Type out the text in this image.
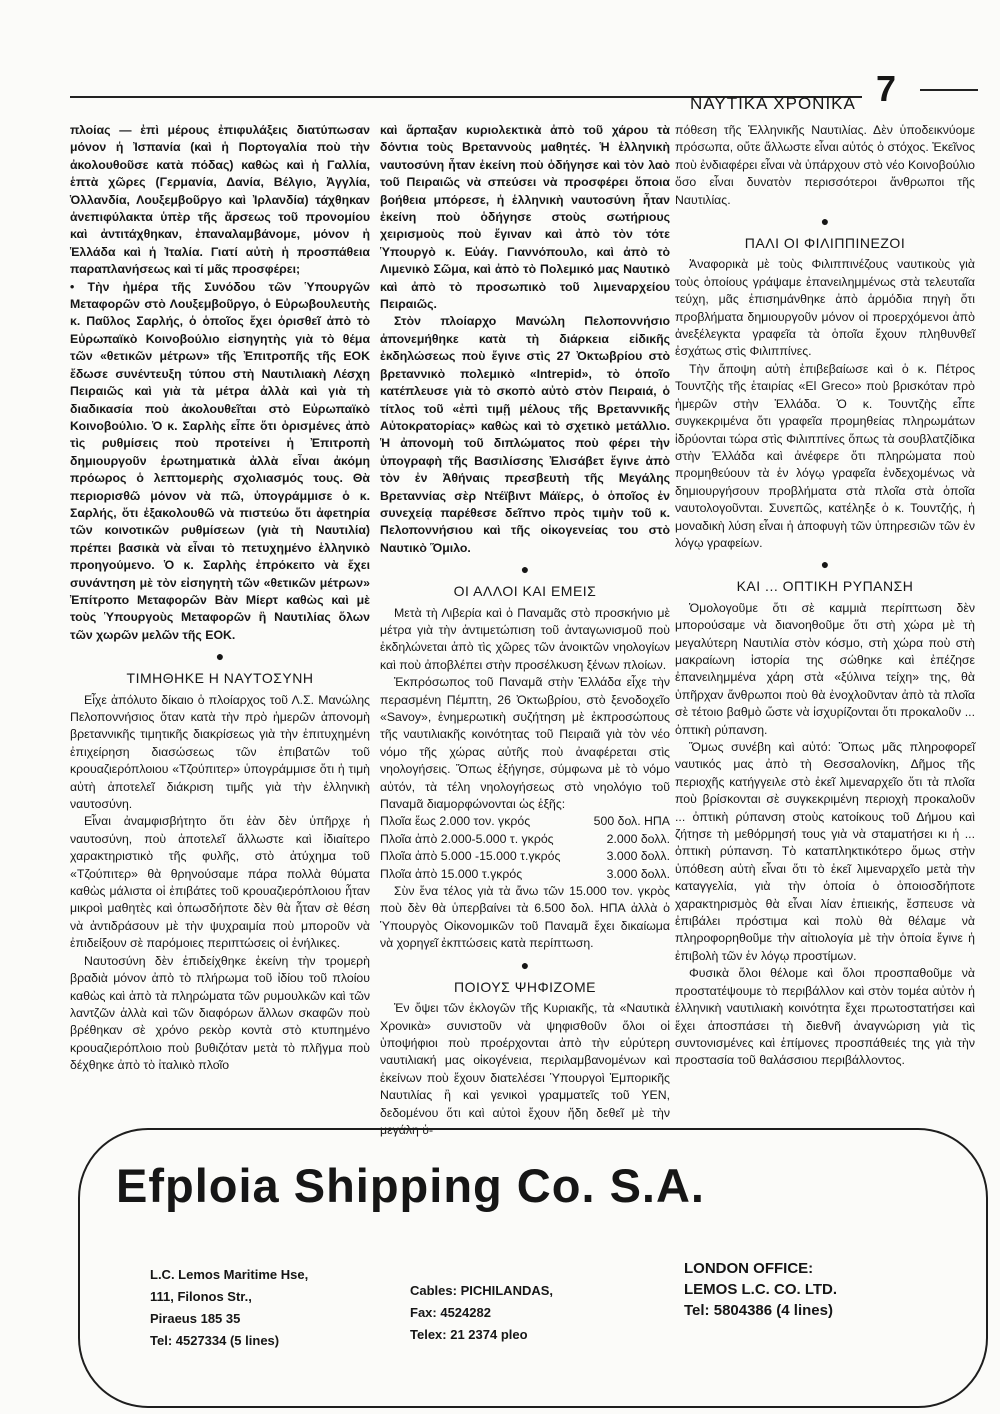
7
ΝΑΥΤΙΚΑ ΧΡΟΝΙΚΑ

πλοίας — ἐπὶ μέρους ἐπιφυλάξεις διατύπωσαν μόνον ἡ Ἰσπανία (καὶ ἡ Πορτογαλία ποὺ τὴν ἀκολουθοῦσε κατὰ πόδας) καθὼς καὶ ἡ Γαλλία, ἑπτὰ χῶρες (Γερμανία, Δανία, Βέλγιο, Ἀγγλία, Ὁλλανδία, Λουξεμβοῦργο καὶ Ἰρλανδία) τάχθηκαν ἀνεπιφύλακτα ὑπὲρ τῆς ἄρσεως τοῦ προνομίου καὶ ἀντιτάχθηκαν, ἐπαναλαμβάνομε, μόνον ἡ Ἑλλάδα καὶ ἡ Ἰταλία. Γιατί αὐτὴ ἡ προσπάθεια παραπλανήσεως καὶ τί μᾶς προσφέρει;

• Τὴν ἡμέρα τῆς Συνόδου τῶν Ὑπουργῶν Μεταφορῶν στὸ Λουξεμβοῦργο, ὁ Εὐρωβουλευτὴς κ. Παῦλος Σαρλής, ὁ ὁποῖος ἔχει ὁρισθεῖ ἀπὸ τὸ Εὐρωπαϊκὸ Κοινοβούλιο εἰσηγητὴς γιὰ τὸ θέμα τῶν «θετικῶν μέτρων» τῆς Ἐπιτροπῆς τῆς ΕΟΚ ἔδωσε συνέντευξη τύπου στὴ Ναυτιλιακὴ Λέσχη Πειραιῶς καὶ γιὰ τὰ μέτρα ἀλλὰ καὶ γιὰ τὴ διαδικασία ποὺ ἀκολουθεῖται στὸ Εὐρωπαϊκὸ Κοινοβούλιο. Ὁ κ. Σαρλὴς εἶπε ὅτι ὁρισμένες ἀπὸ τὶς ρυθμίσεις ποὺ προτείνει ἡ Ἐπιτροπὴ δημιουργοῦν ἐρωτηματικὰ ἀλλὰ εἶναι ἀκόμη πρόωρος ὁ λεπτομερὴς σχολιασμός τους. Θὰ περιορισθῶ μόνον νὰ πῶ, ὑπογράμμισε ὁ κ. Σαρλής, ὅτι ἐξακολουθῶ νὰ πιστεύω ὅτι ἀφετηρία τῶν κοινοτικῶν ρυθμίσεων (γιὰ τὴ Ναυτιλία) πρέπει βασικὰ νὰ εἶναι τὸ πετυχημένο ἑλληνικὸ προηγούμενο. Ὁ κ. Σαρλὴς ἐπρόκειτο νὰ ἔχει συνάντηση μὲ τὸν εἰσηγητὴ τῶν «θετικῶν μέτρων» Ἐπίτροπο Μεταφορῶν Βὰν Μίερτ καθὼς καὶ μὲ τοὺς Ὑπουργοὺς Μεταφορῶν ἢ Ναυτιλίας ὅλων τῶν χωρῶν μελῶν τῆς ΕΟΚ.

●
ΤΙΜΗΘΗΚΕ Η ΝΑΥΤΟΣΥΝΗ

Εἶχε ἀπόλυτο δίκαιο ὁ πλοίαρχος τοῦ Λ.Σ. Μανώλης Πελοποννήσιος ὅταν κατὰ τὴν πρὸ ἡμερῶν ἀπονομὴ βρεταννικῆς τιμητικῆς διακρίσεως γιὰ τὴν ἐπιτυχημένη ἐπιχείρηση διασώσεως τῶν ἐπιβατῶν τοῦ κρουαζιερόπλοιου «Τζούπιτερ» ὑπογράμμισε ὅτι ἡ τιμὴ αὐτὴ ἀποτελεῖ διάκριση τιμῆς γιὰ τὴν ἑλληνικὴ ναυτοσύνη.

Εἶναι ἀναμφισβήτητο ὅτι ἐὰν δὲν ὑπῆρχε ἡ ναυτοσύνη, ποὺ ἀποτελεῖ ἄλλωστε καὶ ἰδιαίτερο χαρακτηριστικὸ τῆς φυλῆς, στὸ ἀτύχημα τοῦ «Τζούπιτερ» θὰ θρηνούσαμε πάρα πολλὰ θύματα καθὼς μάλιστα οἱ ἐπιβάτες τοῦ κρουαζιερόπλοιου ἦταν μικροὶ μαθητὲς καὶ ὁπωσδήποτε δὲν θὰ ἦταν σὲ θέση νὰ ἀντιδράσουν μὲ τὴν ψυχραιμία ποὺ μποροῦν νὰ ἐπιδείξουν σὲ παρόμοιες περιπτώσεις οἱ ἐνήλικες.

Ναυτοσύνη δὲν ἐπιδείχθηκε ἐκείνη τὴν τρομερὴ βραδιὰ μόνον ἀπὸ τὸ πλήρωμα τοῦ ἰδίου τοῦ πλοίου καθὼς καὶ ἀπὸ τὰ πληρώματα τῶν ρυμουλκῶν καὶ τῶν λαντζῶν ἀλλὰ καὶ τῶν διαφόρων ἄλλων σκαφῶν ποὺ βρέθηκαν σὲ χρόνο ρεκὸρ κοντὰ στὸ κτυπημένο κρουαζιερόπλοιο ποὺ βυθιζόταν μετὰ τὸ πλῆγμα ποὺ δέχθηκε ἀπὸ τὸ ἰταλικὸ πλοῖο

καὶ ἅρπαξαν κυριολεκτικὰ ἀπὸ τοῦ χάρου τὰ δόντια τοὺς Βρεταννοὺς μαθητές. Ἡ ἑλληνικὴ ναυτοσύνη ἦταν ἐκείνη ποὺ ὁδήγησε καὶ τὸν λαὸ τοῦ Πειραιῶς νὰ σπεύσει νὰ προσφέρει ὅποια βοήθεια μπόρεσε, ἡ ἑλληνικὴ ναυτοσύνη ἦταν ἐκείνη ποὺ ὁδήγησε στοὺς σωτήριους χειρισμοὺς ποὺ ἔγιναν καὶ ἀπὸ τὸν τότε Ὑπουργὸ κ. Εὐάγ. Γιαννόπουλο, καὶ ἀπὸ τὸ Λιμενικὸ Σῶμα, καὶ ἀπὸ τὸ Πολεμικό μας Ναυτικὸ καὶ ἀπὸ τὸ προσωπικὸ τοῦ λιμεναρχείου Πειραιῶς.

Στὸν πλοίαρχο Μανώλη Πελοποννήσιο ἀπονεμήθηκε κατὰ τὴ διάρκεια εἰδικῆς ἐκδηλώσεως ποὺ ἔγινε στὶς 27 Ὀκτωβρίου στὸ βρεταννικὸ πολεμικὸ «Intrepid», τὸ ὁποῖο κατέπλευσε γιὰ τὸ σκοπὸ αὐτὸ στὸν Πειραιά, ὁ τίτλος τοῦ «ἐπὶ τιμῇ μέλους τῆς Βρεταννικῆς Αὐτοκρατορίας» καθὼς καὶ τὸ σχετικὸ μετάλλιο. Ἡ ἀπονομὴ τοῦ διπλώματος ποὺ φέρει τὴν ὑπογραφὴ τῆς Βασιλίσσης Ἐλισάβετ ἔγινε ἀπὸ τὸν ἐν Ἀθήναις πρεσβευτὴ τῆς Μεγάλης Βρεταννίας σὲρ Ντέϊβιντ Μάϊερς, ὁ ὁποῖος ἐν συνεχείᾳ παρέθεσε δεῖπνο πρὸς τιμὴν τοῦ κ. Πελοποννήσιου καὶ τῆς οἰκογενείας του στὸ Ναυτικὸ Ὅμιλο.

●
ΟΙ ΑΛΛΟΙ ΚΑΙ ΕΜΕΙΣ

Μετὰ τὴ Λιβερία καὶ ὁ Παναμᾶς στὸ προσκήνιο μὲ μέτρα γιὰ τὴν ἀντιμετώπιση τοῦ ἀνταγωνισμοῦ ποὺ ἐκδηλώνεται ἀπὸ τὶς χῶρες τῶν ἀνοικτῶν νηολογίων καὶ ποὺ ἀποβλέπει στὴν προσέλκυση ξένων πλοίων.

Ἐκπρόσωπος τοῦ Παναμᾶ στὴν Ἑλλάδα εἶχε τὴν περασμένη Πέμπτη, 26 Ὀκτωβρίου, στὸ ξενοδοχεῖο «Savoy», ἐνημερωτικὴ συζήτηση μὲ ἐκπροσώπους τῆς ναυτιλιακῆς κοινότητας τοῦ Πειραιᾶ γιὰ τὸν νέο νόμο τῆς χώρας αὐτῆς ποὺ ἀναφέρεται στὶς νηολογήσεις. Ὅπως ἐξήγησε, σύμφωνα μὲ τὸ νόμο αὐτόν, τὰ τέλη νηολογήσεως στὸ νηολόγιο τοῦ Παναμᾶ διαμορφώνονται ὡς ἑξῆς:

Πλοῖα ἕως 2.000 τον. γκρός	500 δολ. ΗΠΑ
Πλοῖα ἀπὸ 2.000-5.000 τ. γκρός	2.000 δολλ.
Πλοῖα ἀπὸ 5.000 -15.000 τ.γκρός	3.000 δολλ.
Πλοῖα ἀπὸ 15.000 τ.γκρός	3.000 δολλ.

Σὺν ἕνα τέλος γιὰ τὰ ἄνω τῶν 15.000 τον. γκρὸς ποὺ δὲν θὰ ὑπερβαίνει τὰ 6.500 δολ. ΗΠΑ ἀλλὰ ὁ Ὑπουργὸς Οἰκονομικῶν τοῦ Παναμᾶ ἔχει δικαίωμα νὰ χορηγεῖ ἐκπτώσεις κατὰ περίπτωση.

●
ΠΟΙΟΥΣ ΨΗΦΙΖΟΜΕ

Ἐν ὄψει τῶν ἐκλογῶν τῆς Κυριακῆς, τὰ «Ναυτικὰ Χρονικὰ» συνιστοῦν νὰ ψηφισθοῦν ὅλοι οἱ ὑποψήφιοι ποὺ προέρχονται ἀπὸ τὴν εὐρύτερη ναυτιλιακή μας οἰκογένεια, περιλαμβανομένων καὶ ἐκείνων ποὺ ἔχουν διατελέσει Ὑπουργοὶ Ἐμπορικῆς Ναυτιλίας ἢ καὶ γενικοὶ γραμματεῖς τοῦ ΥΕΝ, δεδομένου ὅτι καὶ αὐτοὶ ἔχουν ἤδη δεθεῖ μὲ τὴν μεγάλη ὑ-

πόθεση τῆς Ἑλληνικῆς Ναυτιλίας. Δὲν ὑποδεικνύομε πρόσωπα, οὔτε ἄλλωστε εἶναι αὐτός ὁ στόχος. Ἐκεῖνος ποὺ ἐνδιαφέρει εἶναι νὰ ὑπάρχουν στὸ νέο Κοινοβούλιο ὅσο εἶναι δυνατὸν περισσότεροι ἄνθρωποι τῆς Ναυτιλίας.

●
ΠΑΛΙ ΟΙ ΦΙΛΙΠΠΙΝΕΖΟΙ

Ἀναφορικὰ μὲ τοὺς Φιλιππινέζους ναυτικοὺς γιὰ τοὺς ὁποίους γράψαμε ἐπανειλημμένως στὰ τελευταῖα τεύχη, μᾶς ἐπισημάνθηκε ἀπὸ ἁρμόδια πηγὴ ὅτι προβλήματα δημιουργοῦν μόνον οἱ προερχόμενοι ἀπὸ ἀνεξέλεγκτα γραφεῖα τὰ ὁποῖα ἔχουν πληθυνθεῖ ἐσχάτως στὶς Φιλιππίνες.

Τὴν ἄποψη αὐτὴ ἐπιβεβαίωσε καὶ ὁ κ. Πέτρος Τουντζὴς τῆς ἑταιρίας «El Greco» ποὺ βρισκόταν πρὸ ἡμερῶν στὴν Ἑλλάδα. Ὁ κ. Τουντζὴς εἶπε συγκεκριμένα ὅτι γραφεῖα προμηθείας πληρωμάτων ἱδρύονται τώρα στὶς Φιλιππίνες ὅπως τὰ σουβλατζίδικα στὴν Ἑλλάδα καὶ ἀνέφερε ὅτι πληρώματα ποὺ προμηθεύουν τὰ ἐν λόγῳ γραφεῖα ἐνδεχομένως νὰ δημιουργήσουν προβλήματα στὰ πλοῖα στὰ ὁποῖα ναυτολογοῦνται. Συνεπῶς, κατέληξε ὁ κ. Τουντζής, ἡ μοναδικὴ λύση εἶναι ἡ ἀποφυγὴ τῶν ὑπηρεσιῶν τῶν ἐν λόγῳ γραφείων.

●
ΚΑΙ ... ΟΠΤΙΚΗ ΡΥΠΑΝΣΗ

Ὁμολογοῦμε ὅτι σὲ καμμιὰ περίπτωση δὲν μπορούσαμε νὰ διανοηθοῦμε ὅτι στὴ χώρα μὲ τὴ μεγαλύτερη Ναυτιλία στὸν κόσμο, στὴ χώρα ποὺ στὴ μακραίωνη ἱστορία της σώθηκε καὶ ἐπέζησε ἐπανειλημμένα χάρη στὰ «ξύλινα τείχη» της, θὰ ὑπῆρχαν ἄνθρωποι ποὺ θὰ ἐνοχλοῦνταν ἀπὸ τὰ πλοῖα σὲ τέτοιο βαθμὸ ὥστε νὰ ἰσχυρίζονται ὅτι προκαλοῦν ... ὀπτικὴ ρύπανση.

Ὅμως συνέβη καὶ αὐτό: Ὅπως μᾶς πληροφορεῖ ναυτικός μας ἀπὸ τὴ Θεσσαλονίκη, Δῆμος τῆς περιοχῆς κατήγγειλε στὸ ἐκεῖ λιμεναρχεῖο ὅτι τὰ πλοῖα ποὺ βρίσκονται σὲ συγκεκριμένη περιοχὴ προκαλοῦν ... ὀπτικὴ ρύπανση στοὺς κατοίκους τοῦ Δήμου καὶ ζήτησε τὴ μεθόρμησή τους γιὰ νὰ σταματήσει κι ἡ ... ὀπτικὴ ρύπανση. Τὸ καταπληκτικότερο ὅμως στὴν ὑπόθεση αὐτὴ εἶναι ὅτι τὸ ἐκεῖ λιμεναρχεῖο μετὰ τὴν καταγγελία, γιὰ τὴν ὁποία ὁ ὁποιοσδήποτε χαρακτηρισμὸς θὰ εἶναι λίαν ἐπιεικής, ἔσπευσε νὰ ἐπιβάλει πρόστιμα καὶ πολὺ θὰ θέλαμε νὰ πληροφορηθοῦμε τὴν αἰτιολογία μὲ τὴν ὁποία ἔγινε ἡ ἐπιβολὴ τῶν ἐν λόγῳ προστίμων.

Φυσικὰ ὅλοι θέλομε καὶ ὅλοι προσπαθοῦμε νὰ προστατέψουμε τὸ περιβάλλον καὶ στὸν τομέα αὐτὸν ἡ ἑλληνικὴ ναυτιλιακὴ κοινότητα ἔχει πρωτοστατήσει καὶ ἔχει ἀποσπάσει τὴ διεθνῆ ἀναγνώριση γιὰ τὶς συντονισμένες καὶ ἐπίμονες προσπάθειές της γιὰ τὴν προστασία τοῦ θαλάσσιου περιβάλλοντος.

Efploia Shipping Co. S.A.
L.C. Lemos Maritime Hse,
111, Filonos Str.,
Piraeus 185 35
Tel: 4527334 (5 lines)
Cables: PICHILANDAS,
Fax: 4524282
Telex: 21 2374 pleo
LONDON OFFICE:
LEMOS L.C. CO. LTD.
Tel: 5804386 (4 lines)
